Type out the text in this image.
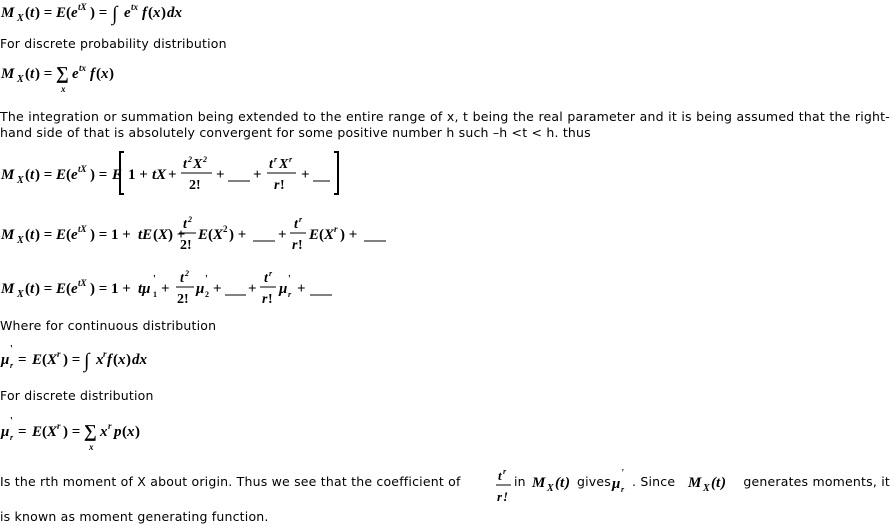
M X ( t ) = E ( e tX ) = ∫ e tx f ( x ) dx
For discrete probability distribution
M X ( t ) = ∑
x
e tx f ( x )
The integration or summation being extended to the entire range of x, t being the real parameter and it is being assumed that the right-hand side of that is absolutely convergent for some positive number h such –h <t < h. thus
M X ( t ) = E ( e tX ) = E 1 + tX +
t 2 X 2
2!
+ +
t r X r
r !
+
M X ( t ) = E ( e tX ) = 1 + tE ( X ) +
t 2
2!
E ( X 2 ) + +
t r
r !
E ( X r ) +
M X ( t ) = E ( e tX ) = 1 + tμ 1
'
+
t 2
2!
μ 2
'
+ +
t r
r !
μ r
'
+
Where for continuous distribution
μ r
'
= E ( X r ) = ∫ x r f ( x ) dx
For discrete distribution
μ r
'
= E ( X r ) = ∑
x
x r p ( x )
Is the rth moment of X about origin. Thus we see that the coefficient of	t r
r !
in M X ( t ) gives μ r
'
. Since M X ( t ) generates moments, it
is known as moment generating function.
